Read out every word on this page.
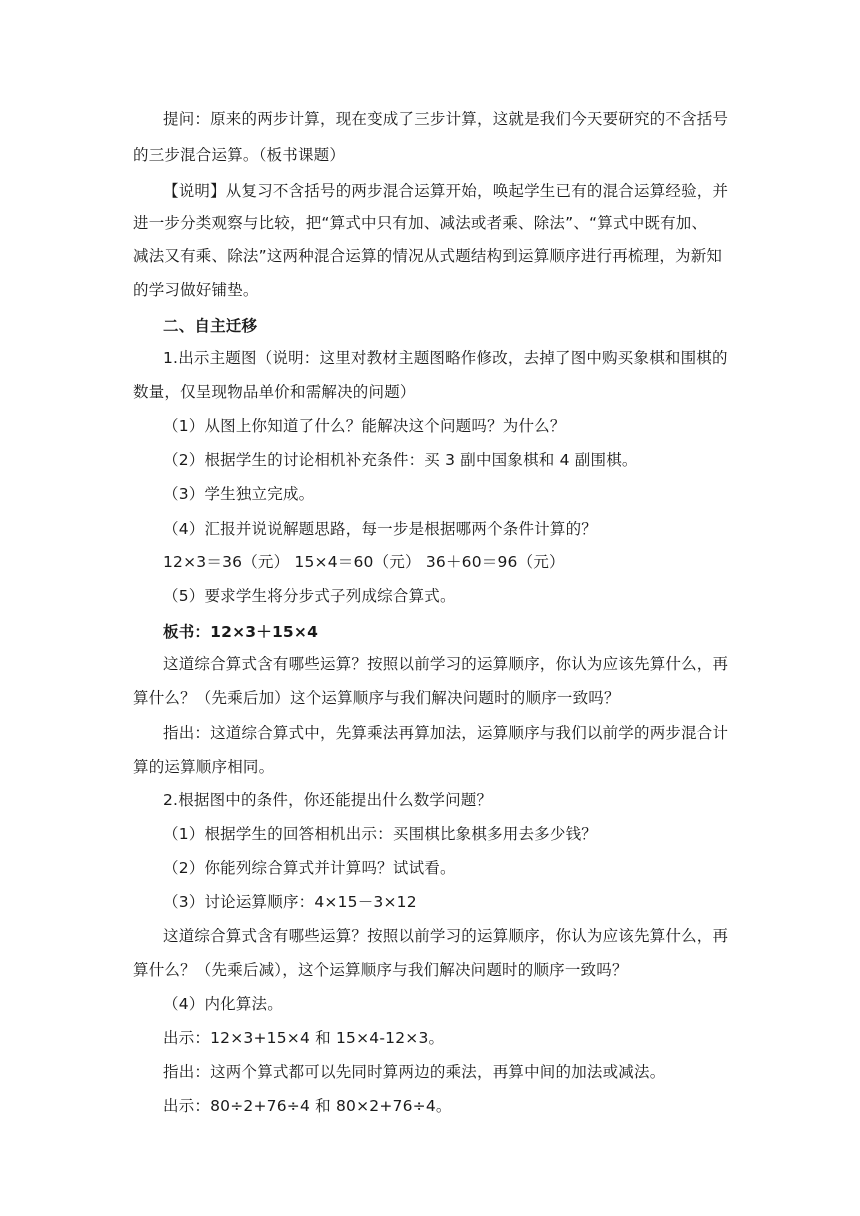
提问：原来的两步计算，现在变成了三步计算，这就是我们今天要研究的不含括号
的三步混合运算。（板书课题）
【说明】从复习不含括号的两步混合运算开始，唤起学生已有的混合运算经验，并
进一步分类观察与比较，把“算式中只有加、减法或者乘、除法”、“算式中既有加、
减法又有乘、除法”这两种混合运算的情况从式题结构到运算顺序进行再梳理，为新知
的学习做好铺垫。
二、自主迁移
1.出示主题图（说明：这里对教材主题图略作修改，去掉了图中购买象棋和围棋的
数量，仅呈现物品单价和需解决的问题）
（1）从图上你知道了什么？能解决这个问题吗？为什么？
（2）根据学生的讨论相机补充条件：买 3 副中国象棋和 4 副围棋。
（3）学生独立完成。
（4）汇报并说说解题思路，每一步是根据哪两个条件计算的？
12×3＝36（元） 15×4＝60（元） 36＋60＝96（元）
（5）要求学生将分步式子列成综合算式。
板书：12×3＋15×4
这道综合算式含有哪些运算？按照以前学习的运算顺序，你认为应该先算什么，再
算什么？（先乘后加）这个运算顺序与我们解决问题时的顺序一致吗？
指出：这道综合算式中，先算乘法再算加法，运算顺序与我们以前学的两步混合计
算的运算顺序相同。
2.根据图中的条件，你还能提出什么数学问题？
（1）根据学生的回答相机出示：买围棋比象棋多用去多少钱？
（2）你能列综合算式并计算吗？试试看。
（3）讨论运算顺序：4×15－3×12
这道综合算式含有哪些运算？按照以前学习的运算顺序，你认为应该先算什么，再
算什么？（先乘后减），这个运算顺序与我们解决问题时的顺序一致吗？
（4）内化算法。
出示：12×3+15×4 和 15×4-12×3。
指出：这两个算式都可以先同时算两边的乘法，再算中间的加法或减法。
出示：80÷2+76÷4 和 80×2+76÷4。
